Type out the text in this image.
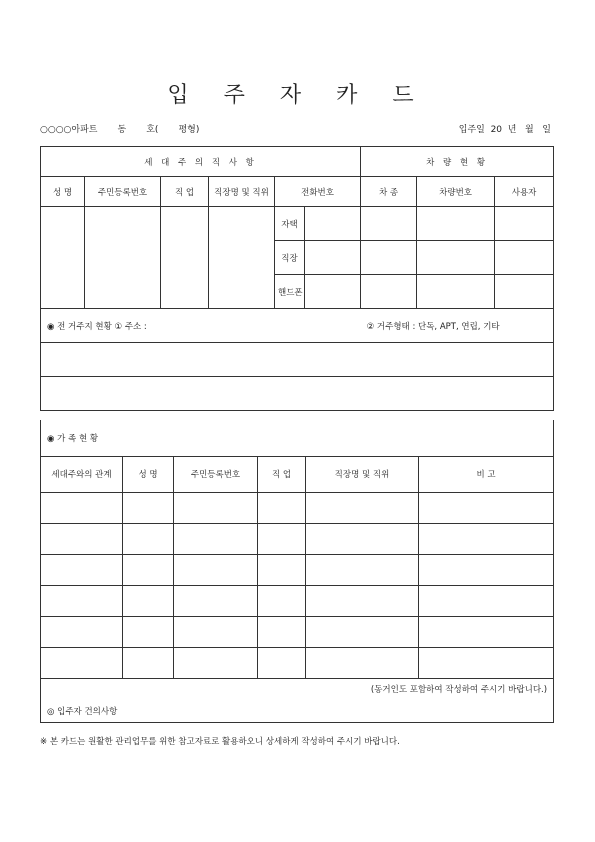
입 주 자 카 드
○○○○아파트       동       호(       평형)	입주일  20  년   월   일
세 대 주 의 직 사 항						차 량 현 황		
성 명	주민등록번호	직 업	직장명 및 직위	전화번호		차 종	차량번호	사용자
				자택				
				직장				
				핸드폰				
◉ 전 거주지 현황 ① 주소 :						② 거주형태 : 단독, APT, 연립, 기타		

◉ 가 족 현 황					
세대주와의 관계	성 명	주민등록번호	직 업	직장명 및 직위	비 고

(동거인도 포함하여 작성하여 주시기 바랍니다.)
◎ 입주자 건의사항					
※ 본 카드는 원활한 관리업무를 위한 참고자료로 활용하오니 상세하게 작성하여 주시기 바랍니다.
